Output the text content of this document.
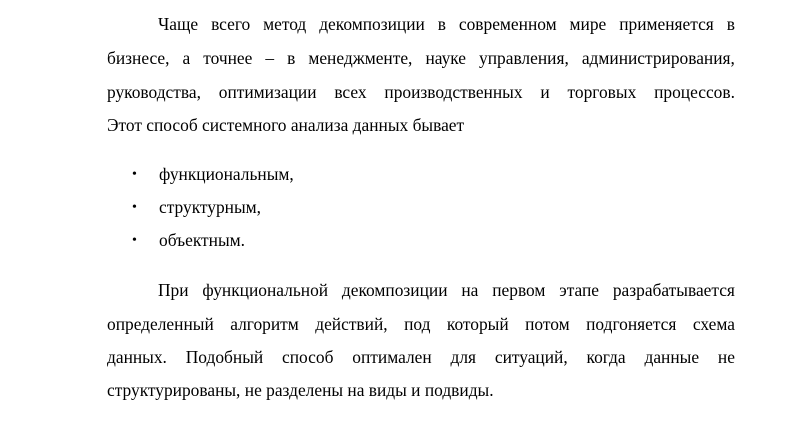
Чаще всего метод декомпозиции в современном мире применяется в
бизнесе, а точнее – в менеджменте, науке управления, администрирования,
руководства, оптимизации всех производственных и торговых процессов.
Этот способ системного анализа данных бывает
• функциональным,
• структурным,
• объектным.
При функциональной декомпозиции на первом этапе разрабатывается
определенный алгоритм действий, под который потом подгоняется схема
данных. Подобный способ оптимален для ситуаций, когда данные не
структурированы, не разделены на виды и подвиды.
